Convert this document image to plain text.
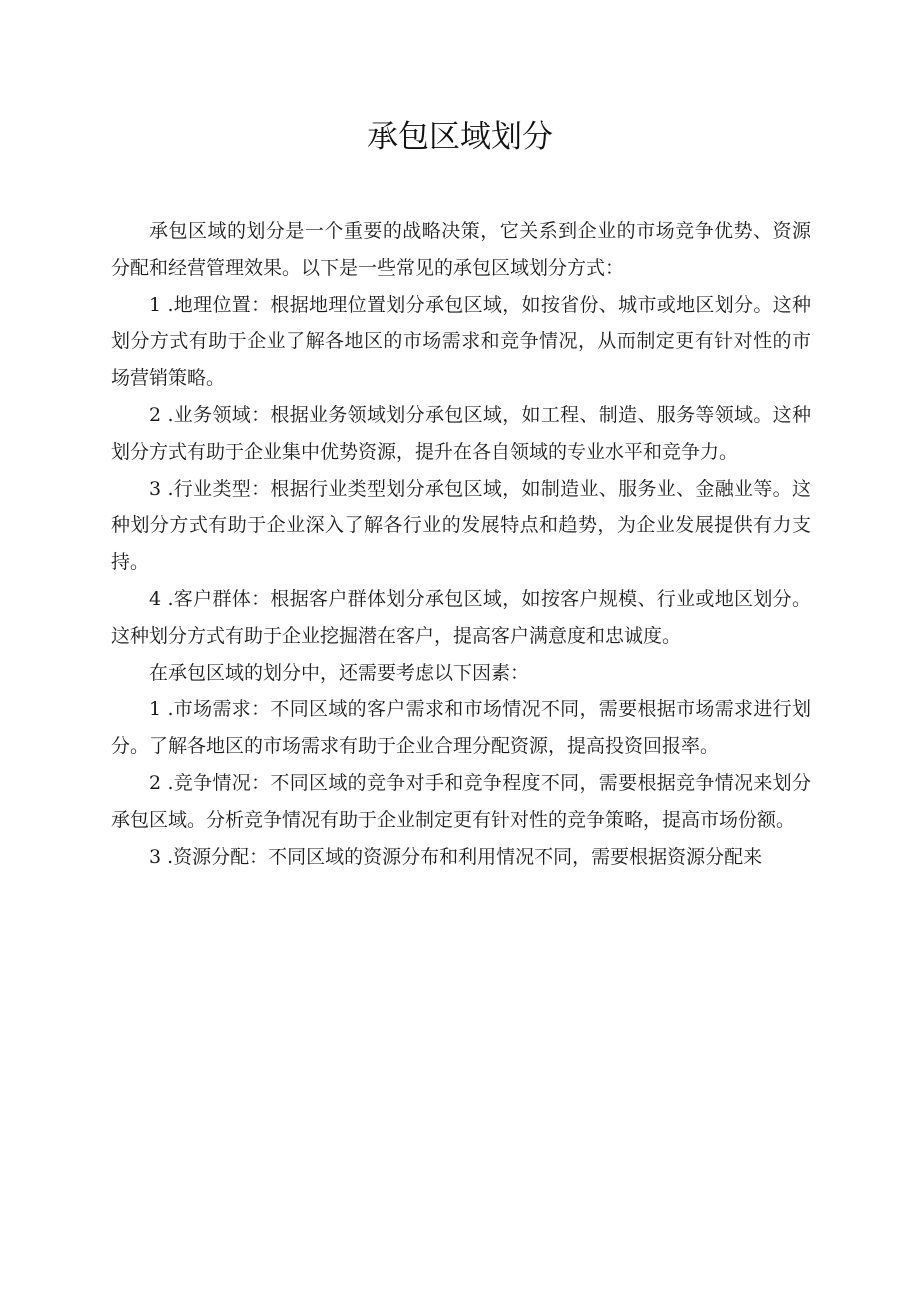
承包区域划分

承包区域的划分是一个重要的战略决策，它关系到企业的市场竞争优势、资源分配和经营管理效果。以下是一些常见的承包区域划分方式：

1 .地理位置：根据地理位置划分承包区域，如按省份、城市或地区划分。这种划分方式有助于企业了解各地区的市场需求和竞争情况，从而制定更有针对性的市场营销策略。

2 .业务领域：根据业务领域划分承包区域，如工程、制造、服务等领域。这种划分方式有助于企业集中优势资源，提升在各自领域的专业水平和竞争力。

3 .行业类型：根据行业类型划分承包区域，如制造业、服务业、金融业等。这种划分方式有助于企业深入了解各行业的发展特点和趋势，为企业发展提供有力支持。

4 .客户群体：根据客户群体划分承包区域，如按客户规模、行业或地区划分。这种划分方式有助于企业挖掘潜在客户，提高客户满意度和忠诚度。

在承包区域的划分中，还需要考虑以下因素：

1 .市场需求：不同区域的客户需求和市场情况不同，需要根据市场需求进行划分。了解各地区的市场需求有助于企业合理分配资源，提高投资回报率。

2 .竞争情况：不同区域的竞争对手和竞争程度不同，需要根据竞争情况来划分承包区域。分析竞争情况有助于企业制定更有针对性的竞争策略，提高市场份额。

3 .资源分配：不同区域的资源分布和利用情况不同，需要根据资源分配来
